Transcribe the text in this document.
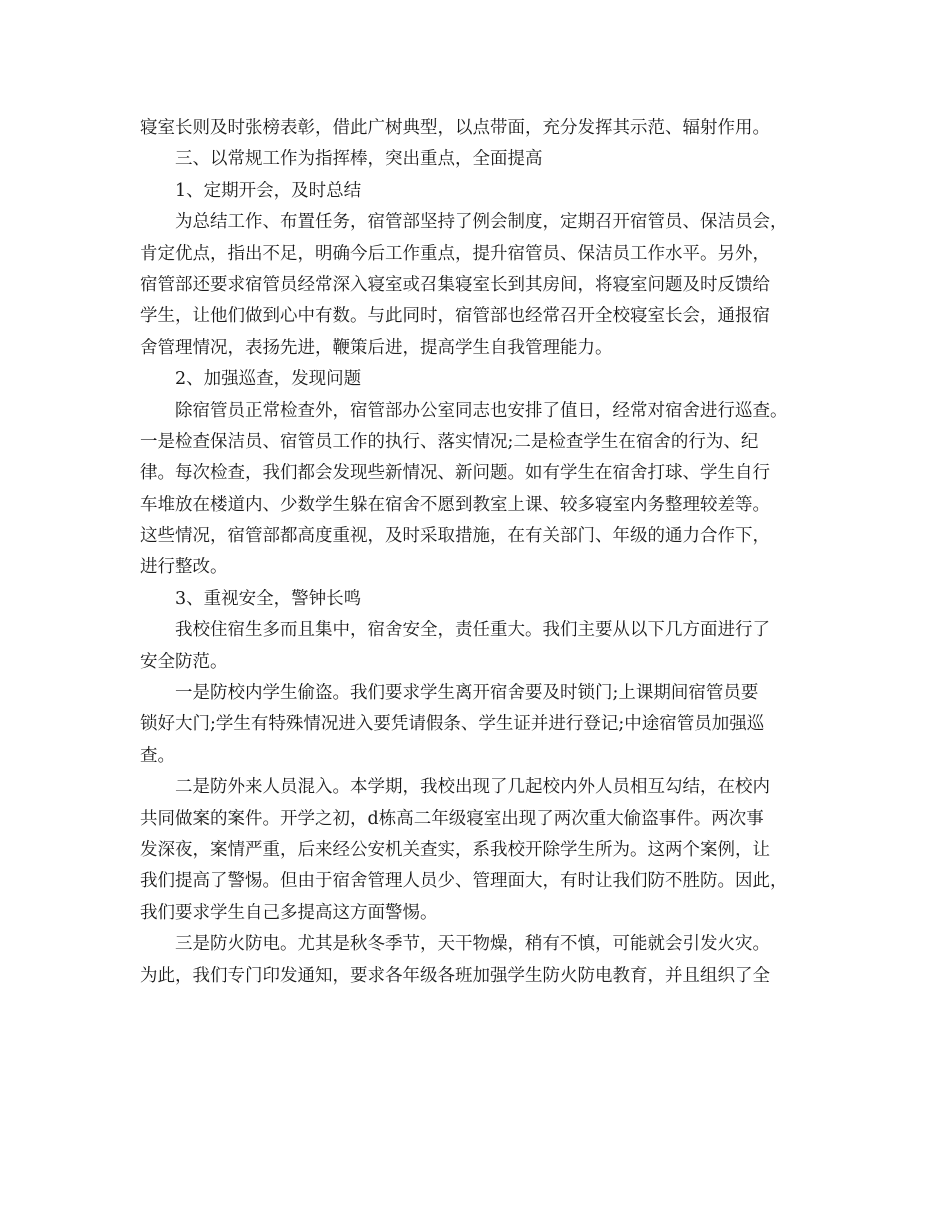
寝室长则及时张榜表彰，借此广树典型，以点带面，充分发挥其示范、辐射作用。
三、以常规工作为指挥棒，突出重点，全面提高
1、定期开会，及时总结
为总结工作、布置任务，宿管部坚持了例会制度，定期召开宿管员、保洁员会，
肯定优点，指出不足，明确今后工作重点，提升宿管员、保洁员工作水平。另外，
宿管部还要求宿管员经常深入寝室或召集寝室长到其房间，将寝室问题及时反馈给
学生，让他们做到心中有数。与此同时，宿管部也经常召开全校寝室长会，通报宿
舍管理情况，表扬先进，鞭策后进，提高学生自我管理能力。
2、加强巡查，发现问题
除宿管员正常检查外，宿管部办公室同志也安排了值日，经常对宿舍进行巡查。
一是检查保洁员、宿管员工作的执行、落实情况;二是检查学生在宿舍的行为、纪
律。每次检查，我们都会发现些新情况、新问题。如有学生在宿舍打球、学生自行
车堆放在楼道内、少数学生躲在宿舍不愿到教室上课、较多寝室内务整理较差等。
这些情况，宿管部都高度重视，及时采取措施，在有关部门、年级的通力合作下，
进行整改。
3、重视安全，警钟长鸣
我校住宿生多而且集中，宿舍安全，责任重大。我们主要从以下几方面进行了
安全防范。
一是防校内学生偷盗。我们要求学生离开宿舍要及时锁门;上课期间宿管员要
锁好大门;学生有特殊情况进入要凭请假条、学生证并进行登记;中途宿管员加强巡
查。
二是防外来人员混入。本学期，我校出现了几起校内外人员相互勾结，在校内
共同做案的案件。开学之初，d栋高二年级寝室出现了两次重大偷盗事件。两次事
发深夜，案情严重，后来经公安机关查实，系我校开除学生所为。这两个案例，让
我们提高了警惕。但由于宿舍管理人员少、管理面大，有时让我们防不胜防。因此，
我们要求学生自己多提高这方面警惕。
三是防火防电。尤其是秋冬季节，天干物燥，稍有不慎，可能就会引发火灾。
为此，我们专门印发通知，要求各年级各班加强学生防火防电教育，并且组织了全
